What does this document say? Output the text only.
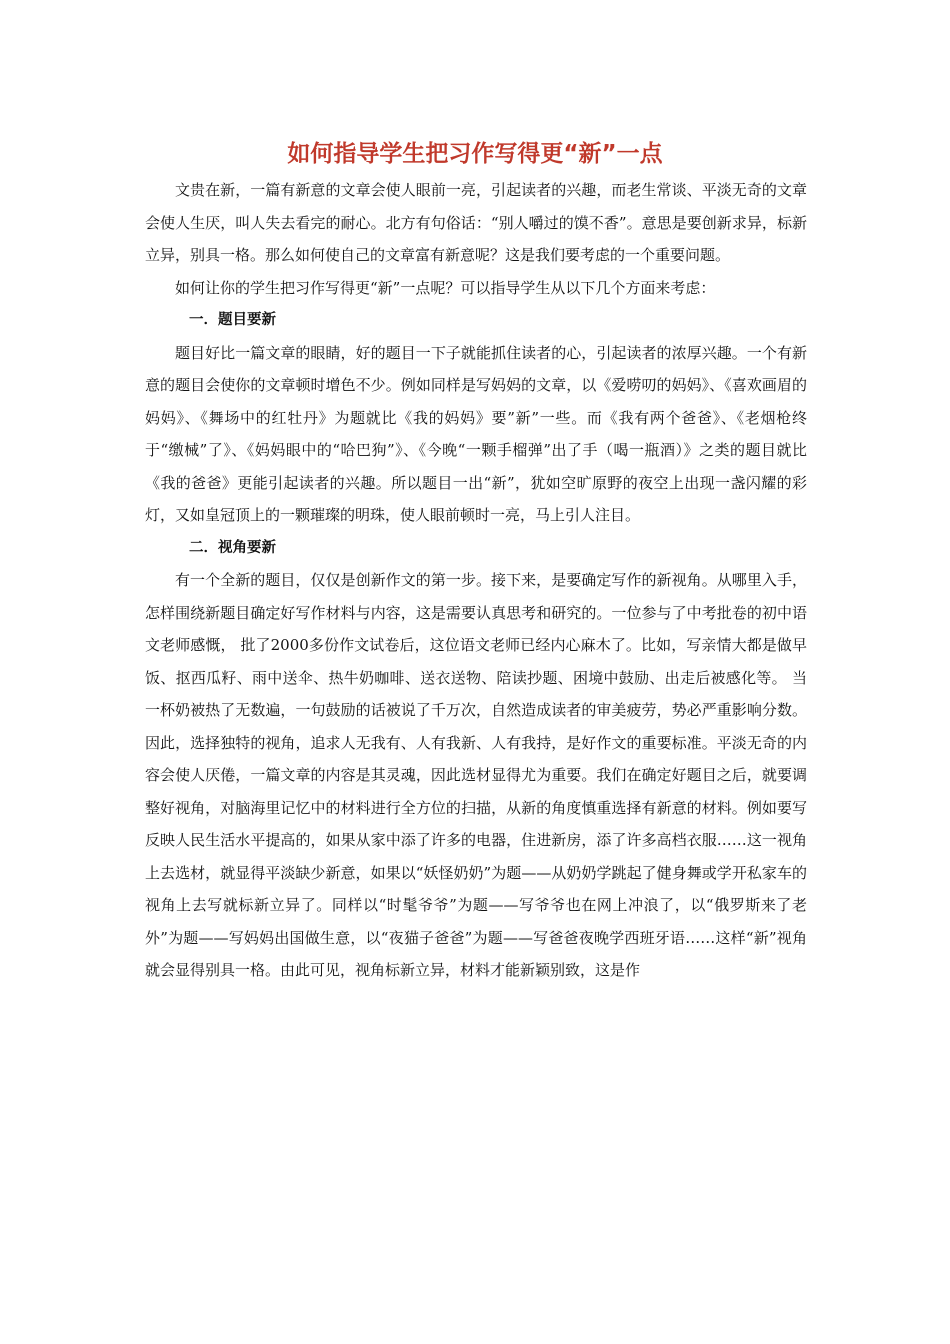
如何指导学生把习作写得更“新”一点

文贵在新，一篇有新意的文章会使人眼前一亮，引起读者的兴趣，而老生常谈、平淡无奇的文章会使人生厌，叫人失去看完的耐心。北方有句俗话：“别人嚼过的馍不香”。意思是要创新求异，标新立异，别具一格。那么如何使自己的文章富有新意呢？这是我们要考虑的一个重要问题。

如何让你的学生把习作写得更“新”一点呢？可以指导学生从以下几个方面来考虑：

一．题目要新

题目好比一篇文章的眼睛，好的题目一下子就能抓住读者的心，引起读者的浓厚兴趣。一个有新意的题目会使你的文章顿时增色不少。例如同样是写妈妈的文章，以《爱唠叨的妈妈》、《喜欢画眉的妈妈》、《舞场中的红牡丹》为题就比《我的妈妈》要”新”一些。而《我有两个爸爸》、《老烟枪终于“缴械”了》、《妈妈眼中的“哈巴狗”》、《今晚“一颗手榴弹”出了手（喝一瓶酒）》之类的题目就比《我的爸爸》更能引起读者的兴趣。所以题目一出“新”，犹如空旷原野的夜空上出现一盏闪耀的彩灯，又如皇冠顶上的一颗璀璨的明珠，使人眼前顿时一亮，马上引人注目。

二．视角要新

有一个全新的题目，仅仅是创新作文的第一步。接下来，是要确定写作的新视角。从哪里入手，怎样围绕新题目确定好写作材料与内容，这是需要认真思考和研究的。一位参与了中考批卷的初中语文老师感慨， 批了2000多份作文试卷后，这位语文老师已经内心麻木了。比如，写亲情大都是做早饭、抠西瓜籽、雨中送伞、热牛奶咖啡、送衣送物、陪读抄题、困境中鼓励、出走后被感化等。 当一杯奶被热了无数遍，一句鼓励的话被说了千万次，自然造成读者的审美疲劳，势必严重影响分数。因此，选择独特的视角，追求人无我有、人有我新、人有我持，是好作文的重要标准。平淡无奇的内容会使人厌倦，一篇文章的内容是其灵魂，因此选材显得尤为重要。我们在确定好题目之后，就要调整好视角，对脑海里记忆中的材料进行全方位的扫描，从新的角度慎重选择有新意的材料。例如要写反映人民生活水平提高的，如果从家中添了许多的电器，住进新房，添了许多高档衣服……这一视角上去选材，就显得平淡缺少新意，如果以“妖怪奶奶”为题——从奶奶学跳起了健身舞或学开私家车的视角上去写就标新立异了。同样以“时髦爷爷”为题——写爷爷也在网上冲浪了，以“俄罗斯来了老外”为题——写妈妈出国做生意，以“夜猫子爸爸”为题——写爸爸夜晚学西班牙语……这样“新”视角就会显得别具一格。由此可见，视角标新立异，材料才能新颖别致，这是作
